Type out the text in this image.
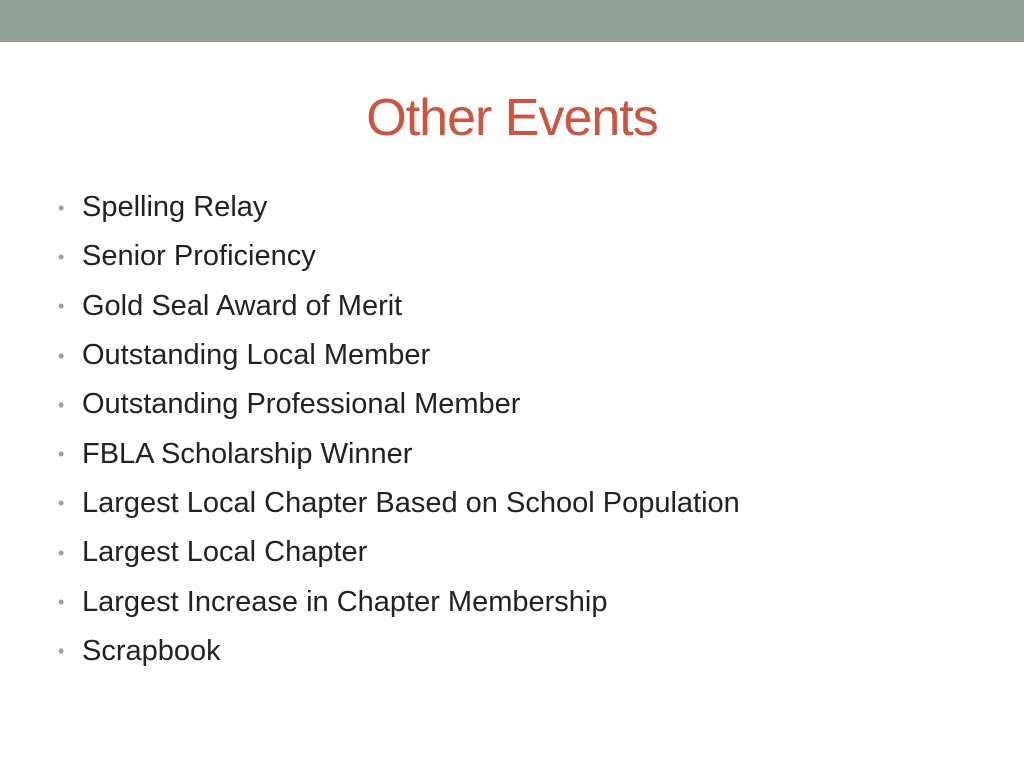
Other Events
• Spelling Relay
• Senior Proficiency
• Gold Seal Award of Merit
• Outstanding Local Member
• Outstanding Professional Member
• FBLA Scholarship Winner
• Largest Local Chapter Based on School Population
• Largest Local Chapter
• Largest Increase in Chapter Membership
• Scrapbook
